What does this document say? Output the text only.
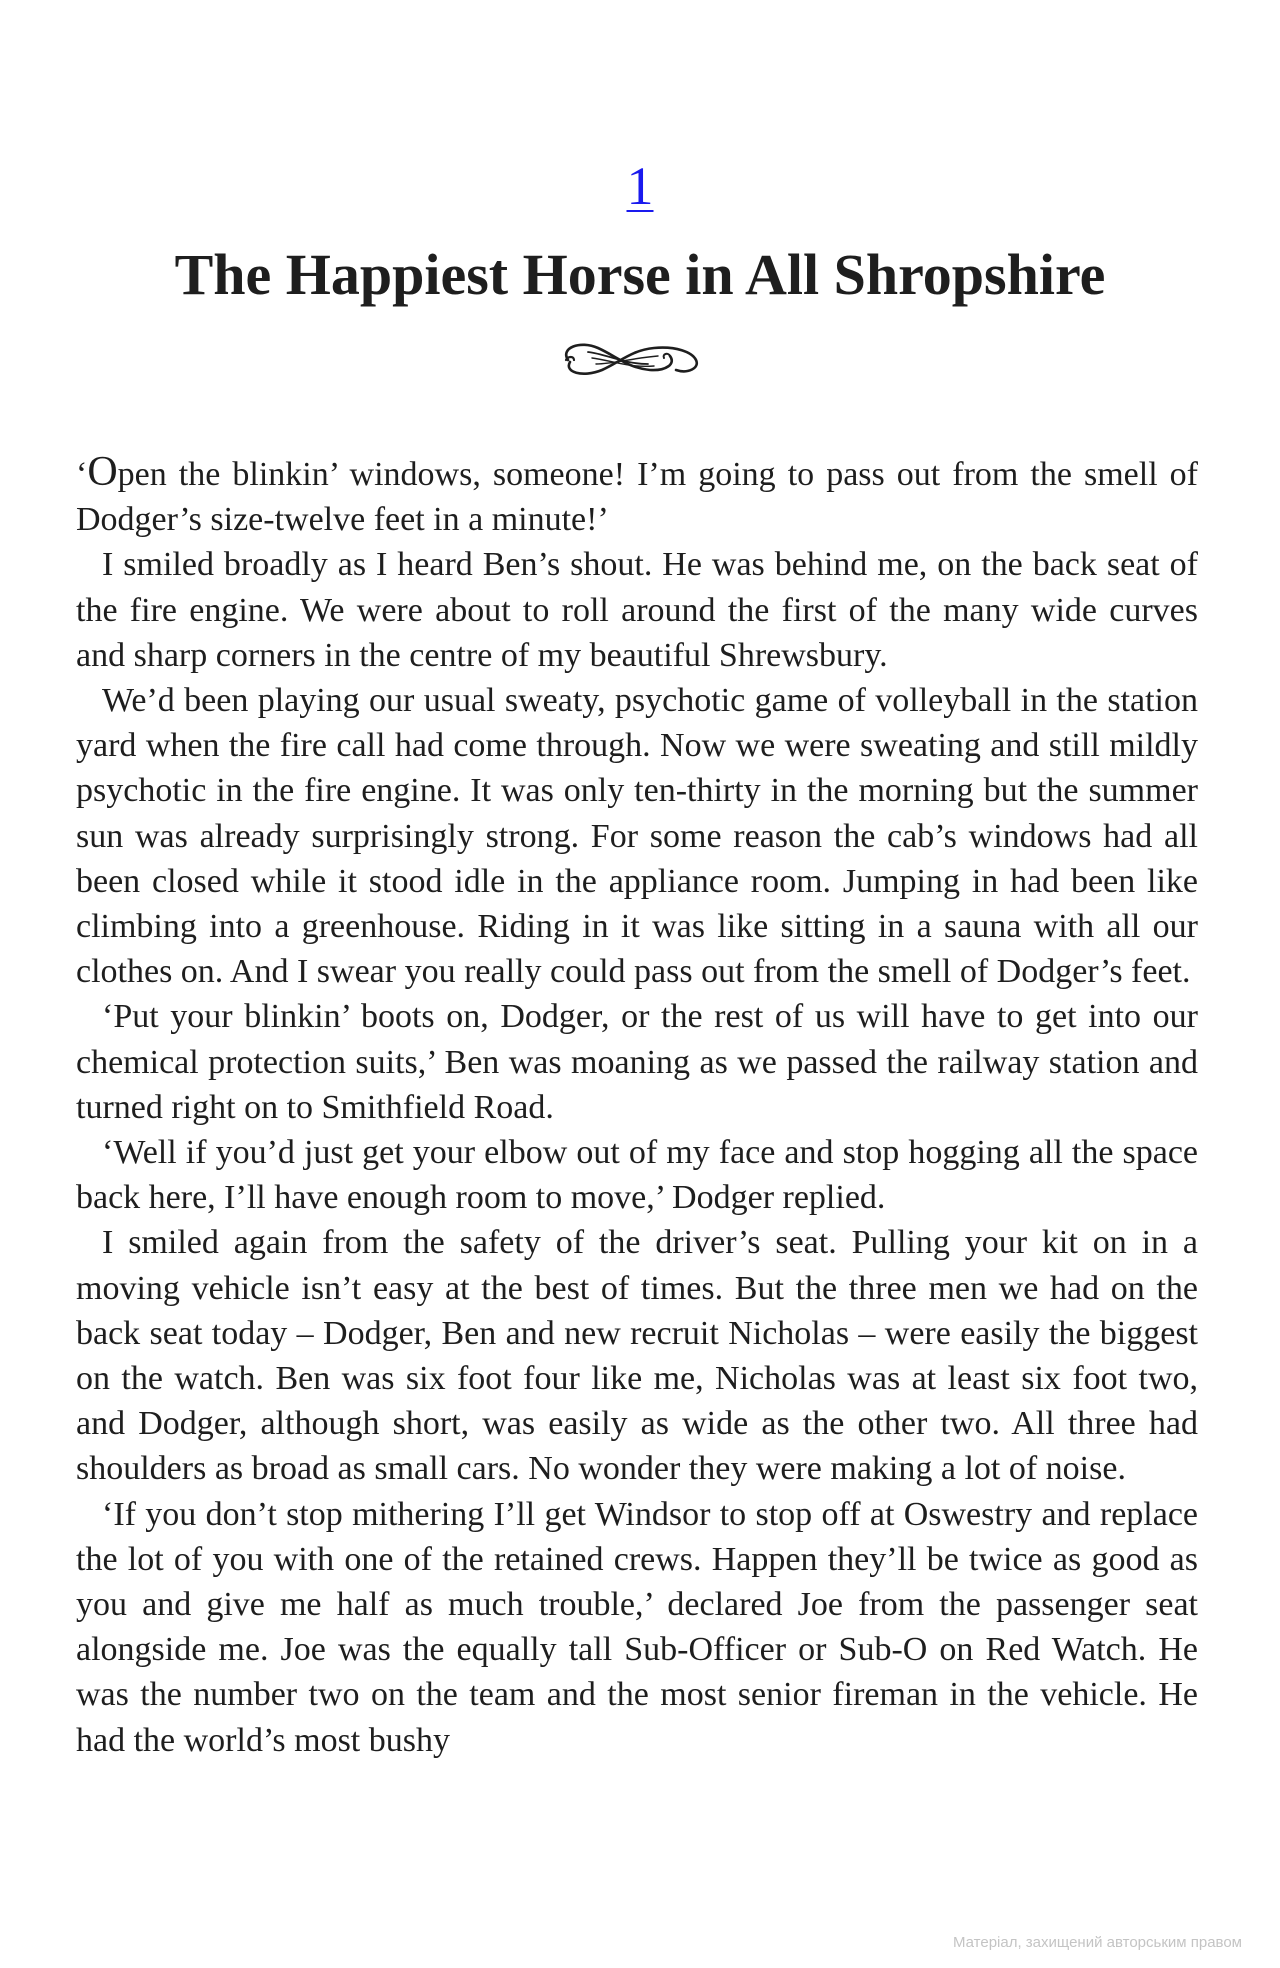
1
The Happiest Horse in All Shropshire

‘Open the blinkin’ windows, someone! I’m going to pass out from the smell of Dodger’s size-twelve feet in a minute!’

I smiled broadly as I heard Ben’s shout. He was behind me, on the back seat of the fire engine. We were about to roll around the first of the many wide curves and sharp corners in the centre of my beautiful Shrewsbury.

We’d been playing our usual sweaty, psychotic game of volleyball in the station yard when the fire call had come through. Now we were sweating and still mildly psychotic in the fire engine. It was only ten-thirty in the morning but the summer sun was already surprisingly strong. For some reason the cab’s windows had all been closed while it stood idle in the appliance room. Jumping in had been like climbing into a greenhouse. Riding in it was like sitting in a sauna with all our clothes on. And I swear you really could pass out from the smell of Dodger’s feet.

‘Put your blinkin’ boots on, Dodger, or the rest of us will have to get into our chemical protection suits,’ Ben was moaning as we passed the railway station and turned right on to Smithfield Road.

‘Well if you’d just get your elbow out of my face and stop hogging all the space back here, I’ll have enough room to move,’ Dodger replied.

I smiled again from the safety of the driver’s seat. Pulling your kit on in a moving vehicle isn’t easy at the best of times. But the three men we had on the back seat today – Dodger, Ben and new recruit Nicholas – were easily the biggest on the watch. Ben was six foot four like me, Nicholas was at least six foot two, and Dodger, although short, was easily as wide as the other two. All three had shoulders as broad as small cars. No wonder they were making a lot of noise.

‘If you don’t stop mithering I’ll get Windsor to stop off at Oswestry and replace the lot of you with one of the retained crews. Happen they’ll be twice as good as you and give me half as much trouble,’ declared Joe from the passenger seat alongside me. Joe was the equally tall Sub-Officer or Sub-O on Red Watch. He was the number two on the team and the most senior fireman in the vehicle. He had the world’s most bushy

Матеріал, захищений авторським правом
